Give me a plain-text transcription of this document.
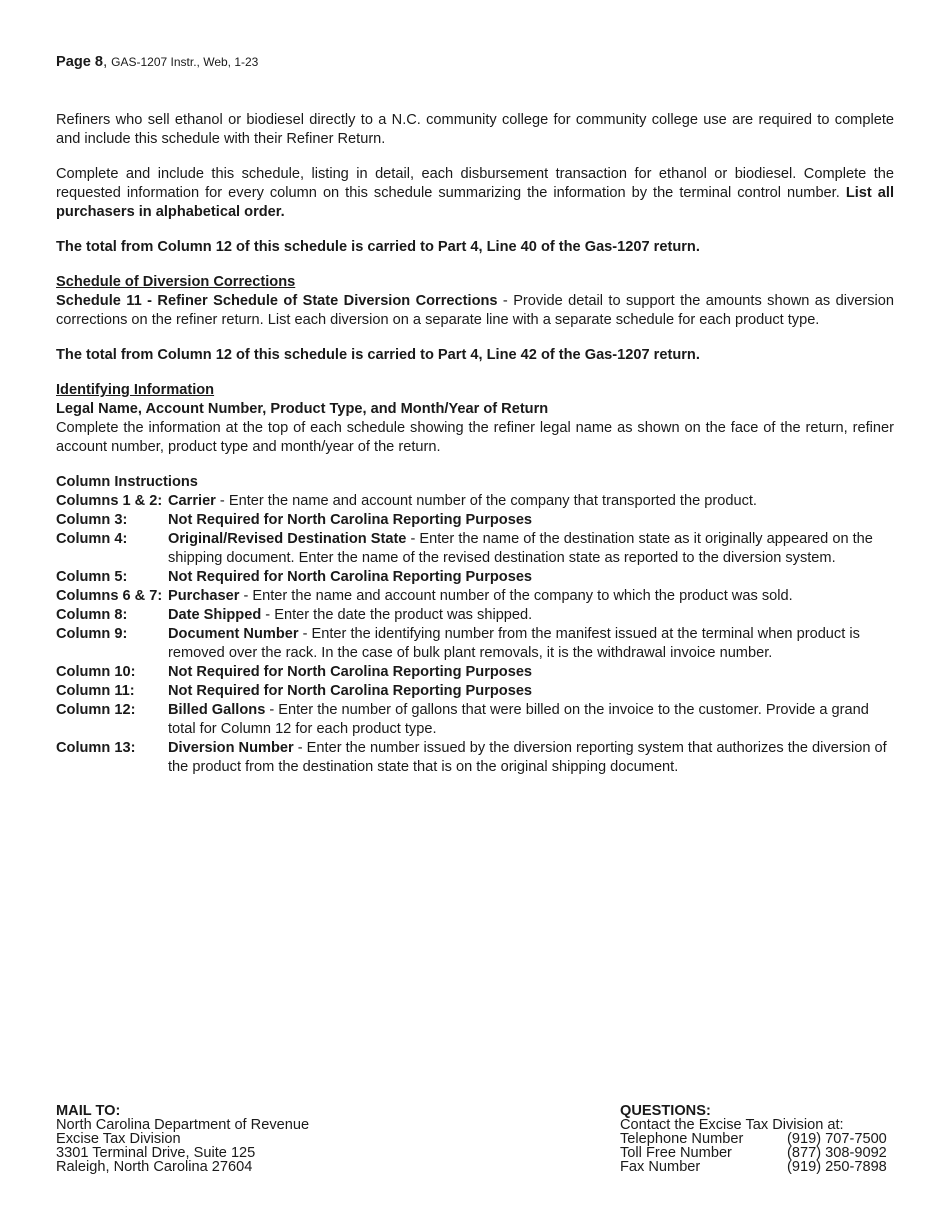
Page 8, GAS-1207 Instr., Web, 1-23

Refiners who sell ethanol or biodiesel directly to a N.C. community college for community college use are required to complete and include this schedule with their Refiner Return.

Complete and include this schedule, listing in detail, each disbursement transaction for ethanol or biodiesel. Complete the requested information for every column on this schedule summarizing the information by the terminal control number. List all purchasers in alphabetical order.

The total from Column 12 of this schedule is carried to Part 4, Line 40 of the Gas-1207 return.

Schedule of Diversion Corrections

Schedule 11 - Refiner Schedule of State Diversion Corrections - Provide detail to support the amounts shown as diversion corrections on the refiner return. List each diversion on a separate line with a separate schedule for each product type.

The total from Column 12 of this schedule is carried to Part 4, Line 42 of the Gas-1207 return.

Identifying Information

Legal Name, Account Number, Product Type, and Month/Year of Return

Complete the information at the top of each schedule showing the refiner legal name as shown on the face of the return, refiner account number, product type and month/year of the return.

Column Instructions

Columns 1 & 2: Carrier - Enter the name and account number of the company that transported the product.
Column 3:	Not Required for North Carolina Reporting Purposes
Column 4:	Original/Revised Destination State - Enter the name of the destination state as it originally appeared on the shipping document. Enter the name of the revised destination state as reported to the diversion system.
Column 5:	Not Required for North Carolina Reporting Purposes
Columns 6 & 7: Purchaser - Enter the name and account number of the company to which the product was sold.
Column 8:	Date Shipped - Enter the date the product was shipped.
Column 9:	Document Number - Enter the identifying number from the manifest issued at the terminal when product is removed over the rack. In the case of bulk plant removals, it is the withdrawal invoice number.
Column 10:	Not Required for North Carolina Reporting Purposes
Column 11:	Not Required for North Carolina Reporting Purposes
Column 12:	Billed Gallons - Enter the number of gallons that were billed on the invoice to the customer. Provide a grand total for Column 12 for each product type.
Column 13:	Diversion Number - Enter the number issued by the diversion reporting system that authorizes the diversion of the product from the destination state that is on the original shipping document.
MAIL TO:
North Carolina Department of Revenue
Excise Tax Division
3301 Terminal Drive, Suite 125
Raleigh, North Carolina 27604
QUESTIONS:
Contact the Excise Tax Division at:
Telephone Number	(919) 707-7500
Toll Free Number	(877) 308-9092
Fax Number	(919) 250-7898
